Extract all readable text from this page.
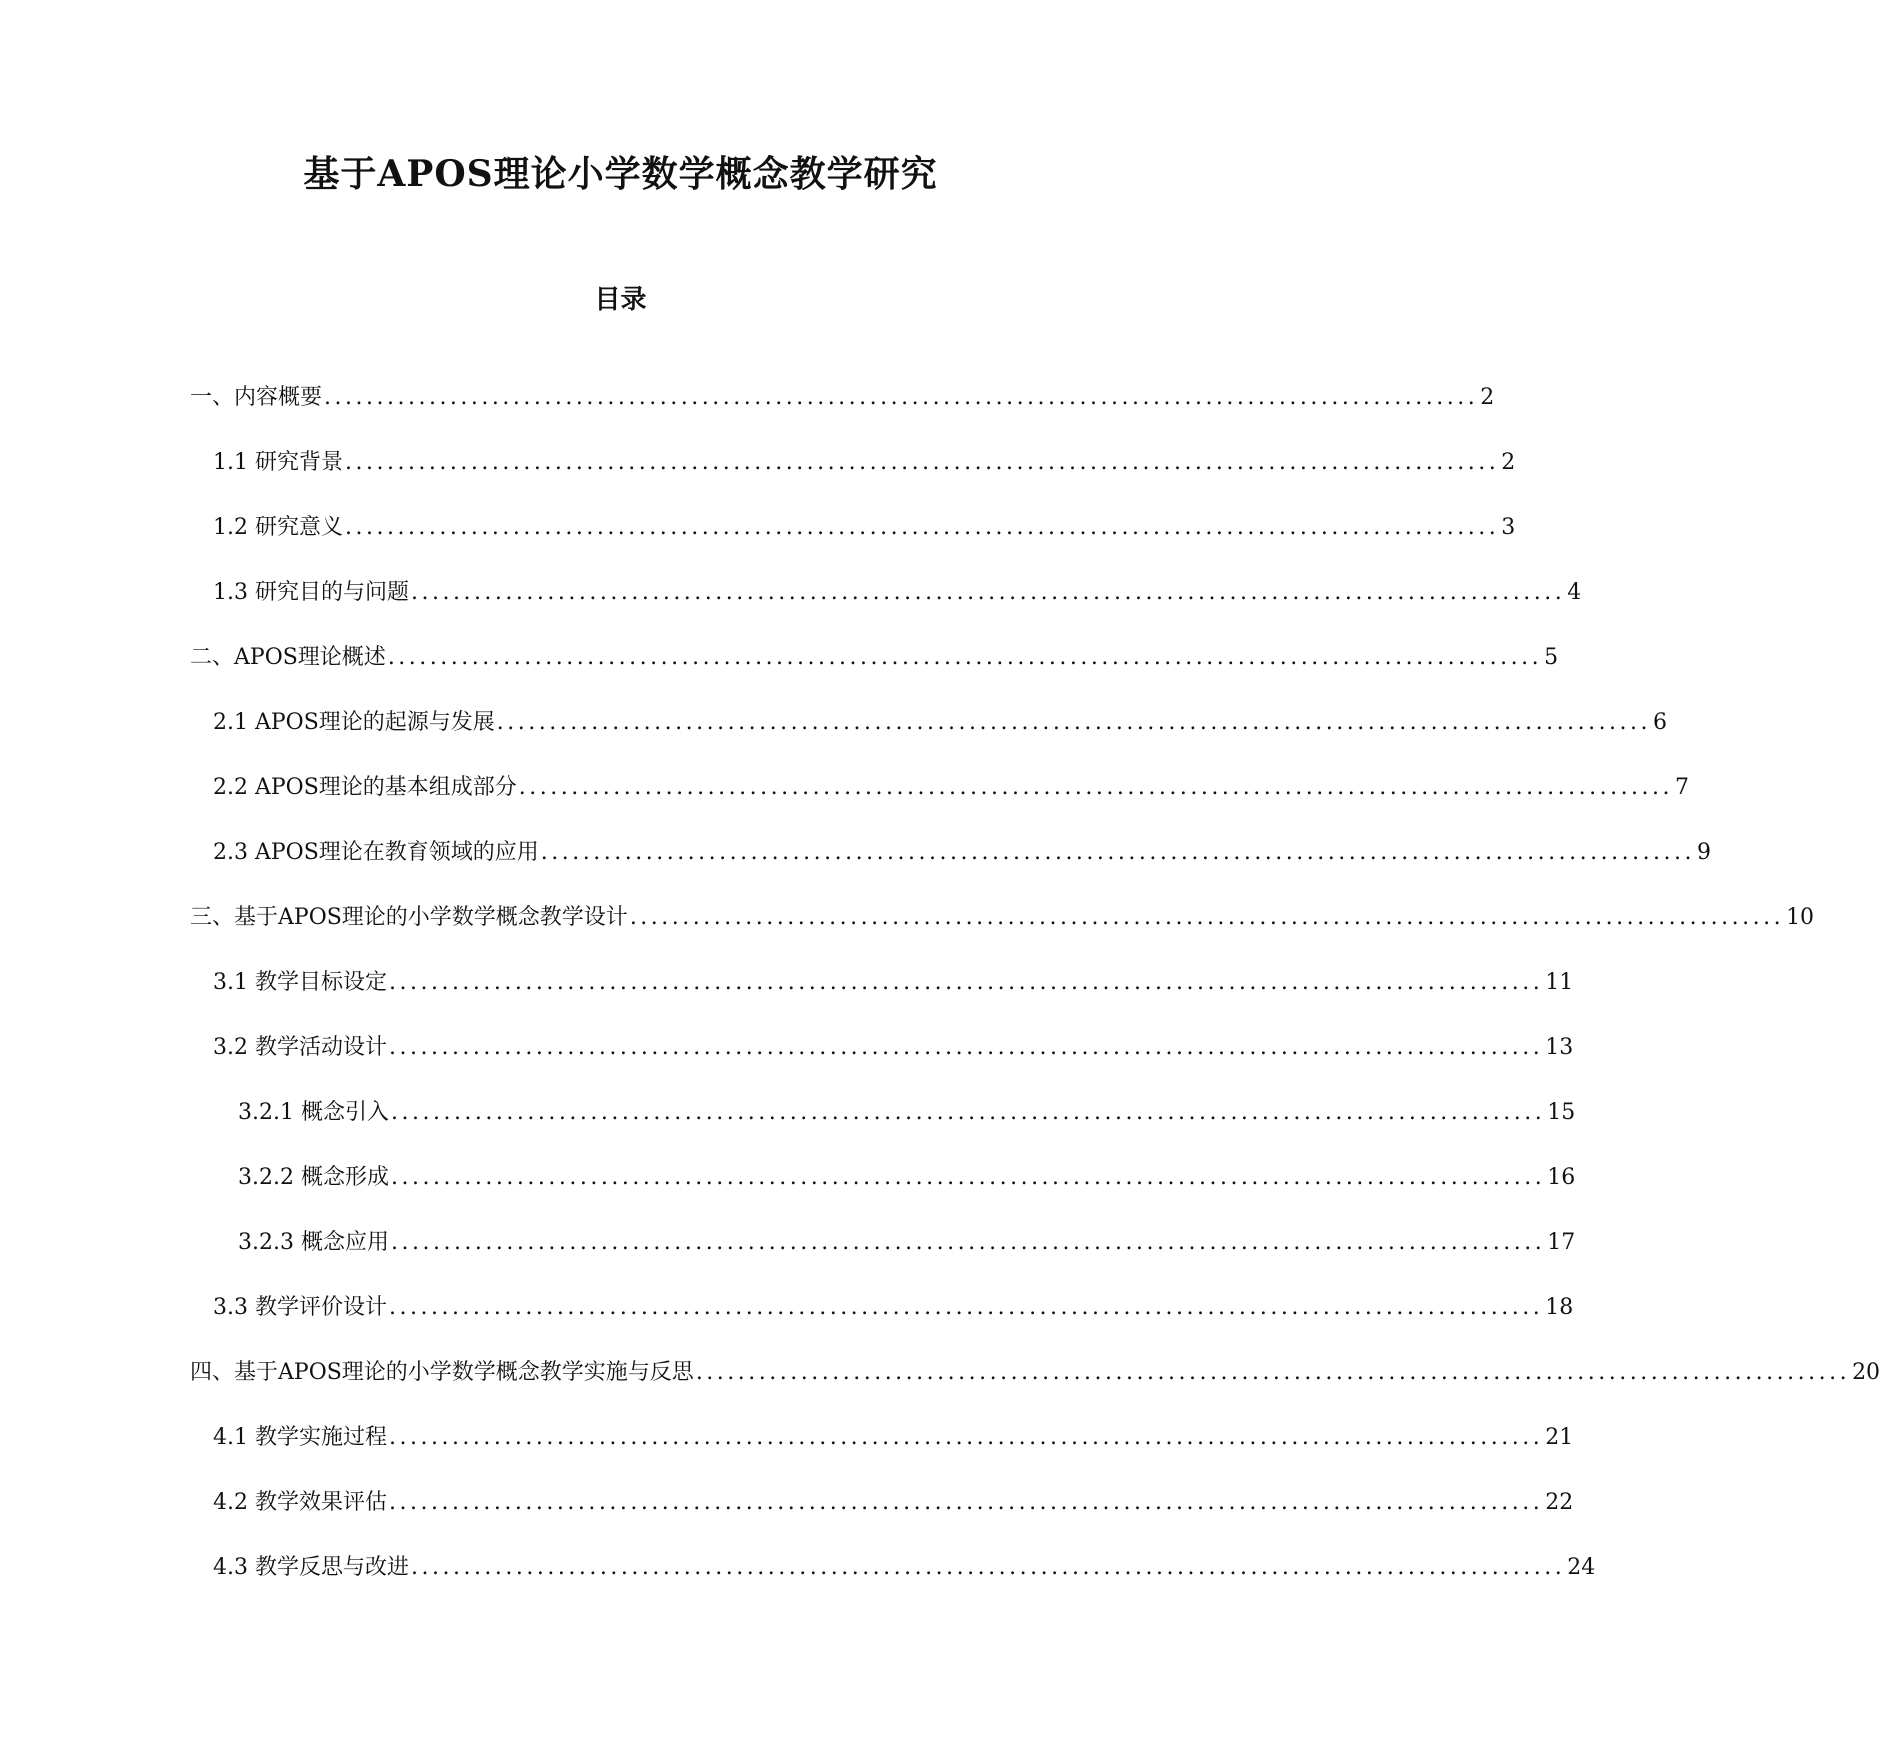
基于APOS理论小学数学概念教学研究
目录
一、内容概要 .............................................................................................................. 2
1.1 研究背景 .............................................................................................................. 2
1.2 研究意义 .............................................................................................................. 3
1.3 研究目的与问题 .............................................................................................................. 4
二、APOS理论概述 .............................................................................................................. 5
2.1 APOS理论的起源与发展 .............................................................................................................. 6
2.2 APOS理论的基本组成部分 .............................................................................................................. 7
2.3 APOS理论在教育领域的应用 .............................................................................................................. 9
三、基于APOS理论的小学数学概念教学设计 .............................................................................................................. 10
3.1 教学目标设定 .............................................................................................................. 11
3.2 教学活动设计 .............................................................................................................. 13
3.2.1 概念引入 .............................................................................................................. 15
3.2.2 概念形成 .............................................................................................................. 16
3.2.3 概念应用 .............................................................................................................. 17
3.3 教学评价设计 .............................................................................................................. 18
四、基于APOS理论的小学数学概念教学实施与反思 .............................................................................................................. 20
4.1 教学实施过程 .............................................................................................................. 21
4.2 教学效果评估 .............................................................................................................. 22
4.3 教学反思与改进 .............................................................................................................. 24
